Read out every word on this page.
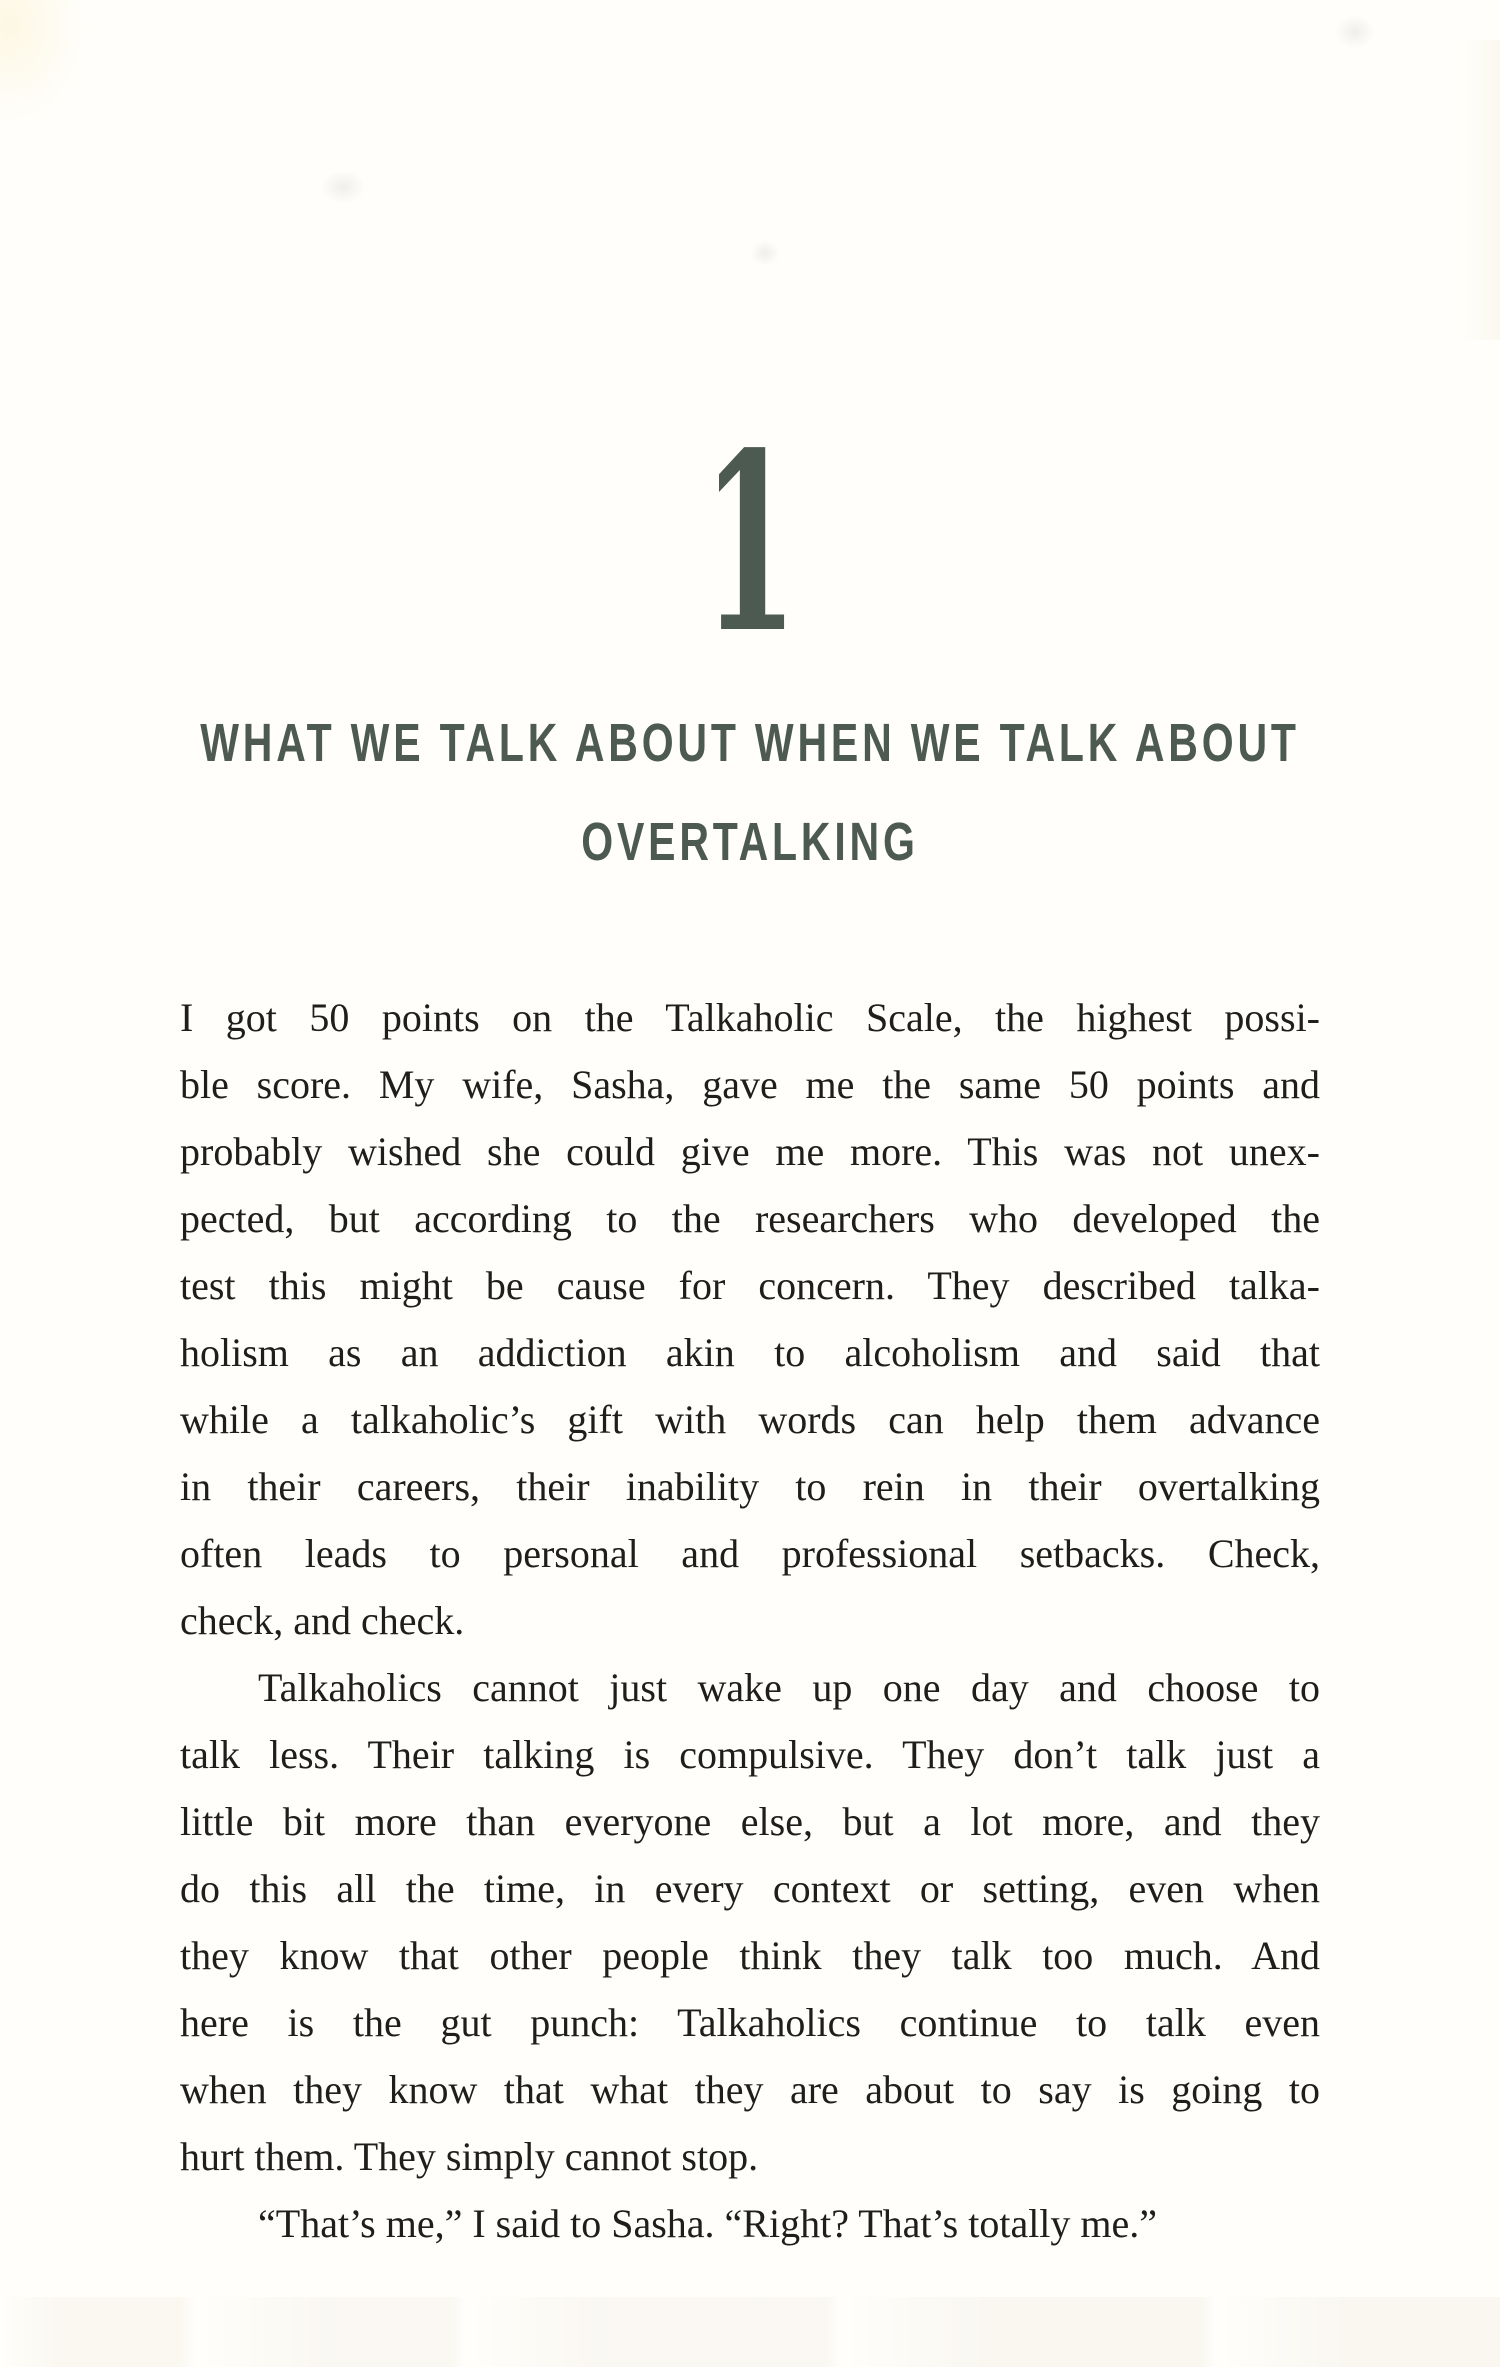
1
WHAT WE TALK ABOUT WHEN WE TALK ABOUT
OVERTALKING
I got 50 points on the Talkaholic Scale, the highest possi-
ble score. My wife, Sasha, gave me the same 50 points and
probably wished she could give me more. This was not unex-
pected, but according to the researchers who developed the
test this might be cause for concern. They described talka-
holism as an addiction akin to alcoholism and said that
while a talkaholic’s gift with words can help them advance
in their careers, their inability to rein in their overtalking
often leads to personal and professional setbacks. Check,
check, and check.
Talkaholics cannot just wake up one day and choose to
talk less. Their talking is compulsive. They don’t talk just a
little bit more than everyone else, but a lot more, and they
do this all the time, in every context or setting, even when
they know that other people think they talk too much. And
here is the gut punch: Talkaholics continue to talk even
when they know that what they are about to say is going to
hurt them. They simply cannot stop.
“That’s me,” I said to Sasha. “Right? That’s totally me.”
